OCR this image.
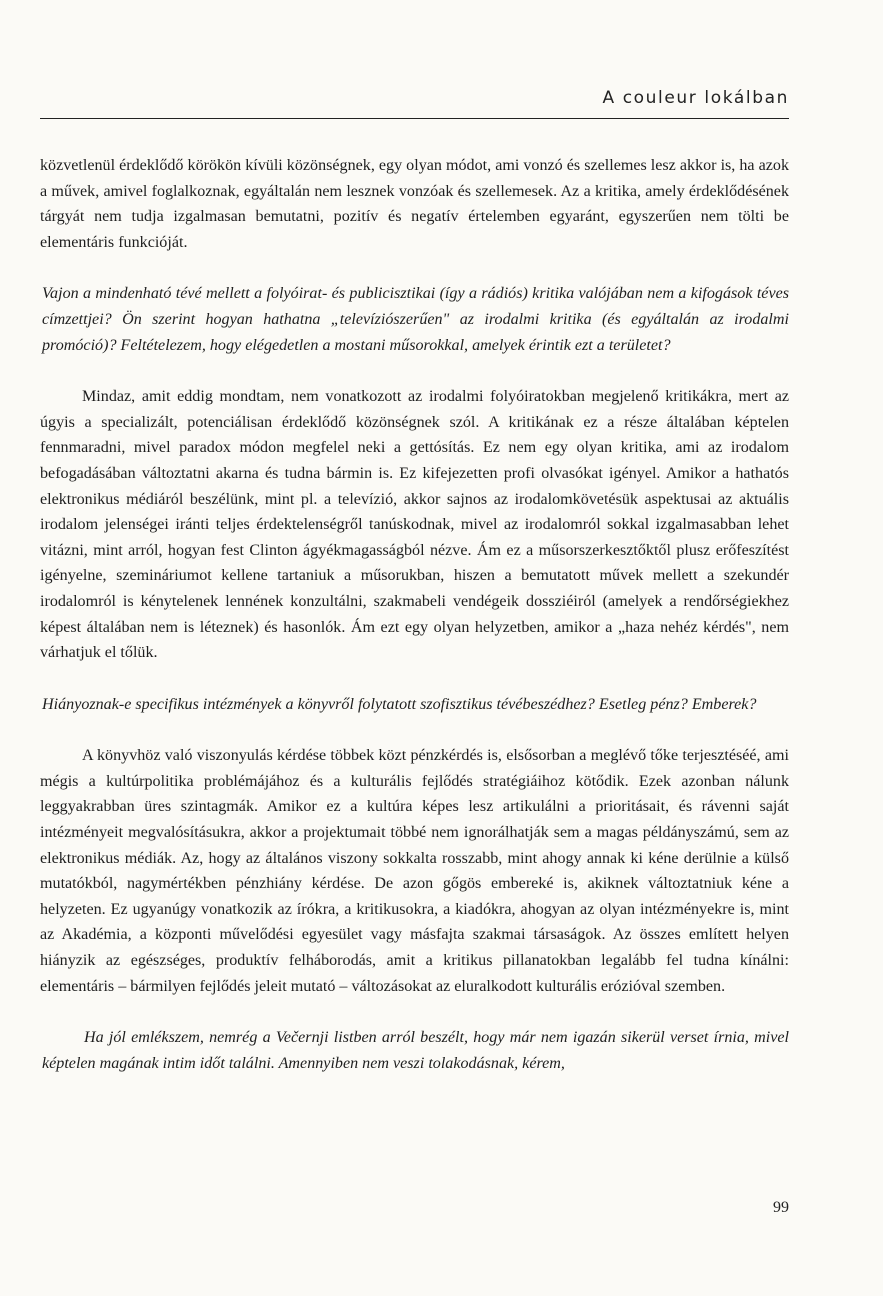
A couleur lokálban

közvetlenül érdeklődő körökön kívüli közönségnek, egy olyan módot, ami vonzó és szellemes lesz akkor is, ha azok a művek, amivel foglalkoznak, egyáltalán nem lesznek vonzóak és szellemesek. Az a kritika, amely érdeklődésének tárgyát nem tudja izgalmasan bemutatni, pozitív és negatív értelemben egyaránt, egyszerűen nem tölti be elementáris funkcióját.

Vajon a mindenható tévé mellett a folyóirat- és publicisztikai (így a rádiós) kritika valójában nem a kifogások téves címzettjei? Ön szerint hogyan hathatna „televíziószerűen" az irodalmi kritika (és egyáltalán az irodalmi promóció)? Feltételezem, hogy elégedetlen a mostani műsorokkal, amelyek érintik ezt a területet?

Mindaz, amit eddig mondtam, nem vonatkozott az irodalmi folyóiratokban megjelenő kritikákra, mert az úgyis a specializált, potenciálisan érdeklődő közönségnek szól. A kritikának ez a része általában képtelen fennmaradni, mivel paradox módon megfelel neki a gettósítás. Ez nem egy olyan kritika, ami az irodalom befogadásában változtatni akarna és tudna bármin is. Ez kifejezetten profi olvasókat igényel. Amikor a hathatós elektronikus médiáról beszélünk, mint pl. a televízió, akkor sajnos az irodalomkövetésük aspektusai az aktuális irodalom jelenségei iránti teljes érdektelenségről tanúskodnak, mivel az irodalomról sokkal izgalmasabban lehet vitázni, mint arról, hogyan fest Clinton ágyékmagasságból nézve. Ám ez a műsorszerkesztőktől plusz erőfeszítést igényelne, szemináriumot kellene tartaniuk a műsorukban, hiszen a bemutatott művek mellett a szekundér irodalomról is kénytelenek lennének konzultálni, szakmabeli vendégeik dossziéiról (amelyek a rendőrségiekhez képest általában nem is léteznek) és hasonlók. Ám ezt egy olyan helyzetben, amikor a „haza nehéz kérdés", nem várhatjuk el tőlük.

Hiányoznak-e specifikus intézmények a könyvről folytatott szofisztikus tévébeszédhez? Esetleg pénz? Emberek?

A könyvhöz való viszonyulás kérdése többek közt pénzkérdés is, elsősorban a meglévő tőke terjesztéséé, ami mégis a kultúrpolitika problémájához és a kulturális fejlődés stratégiáihoz kötődik. Ezek azonban nálunk leggyakrabban üres szintagmák. Amikor ez a kultúra képes lesz artikulálni a prioritásait, és rávenni saját intézményeit megvalósításukra, akkor a projektumait többé nem ignorálhatják sem a magas példányszámú, sem az elektronikus médiák. Az, hogy az általános viszony sokkalta rosszabb, mint ahogy annak ki kéne derülnie a külső mutatókból, nagymértékben pénzhiány kérdése. De azon gőgös embereké is, akiknek változtatniuk kéne a helyzeten. Ez ugyanúgy vonatkozik az írókra, a kritikusokra, a kiadókra, ahogyan az olyan intézményekre is, mint az Akadémia, a központi művelődési egyesület vagy másfajta szakmai társaságok. Az összes említett helyen hiányzik az egészséges, produktív felháborodás, amit a kritikus pillanatokban legalább fel tudna kínálni: elementáris – bármilyen fejlődés jeleit mutató – változásokat az eluralkodott kulturális erózióval szemben.

Ha jól emlékszem, nemrég a Večernji listben arról beszélt, hogy már nem igazán sikerül verset írnia, mivel képtelen magának intim időt találni. Amennyiben nem veszi tolakodásnak, kérem,

99
